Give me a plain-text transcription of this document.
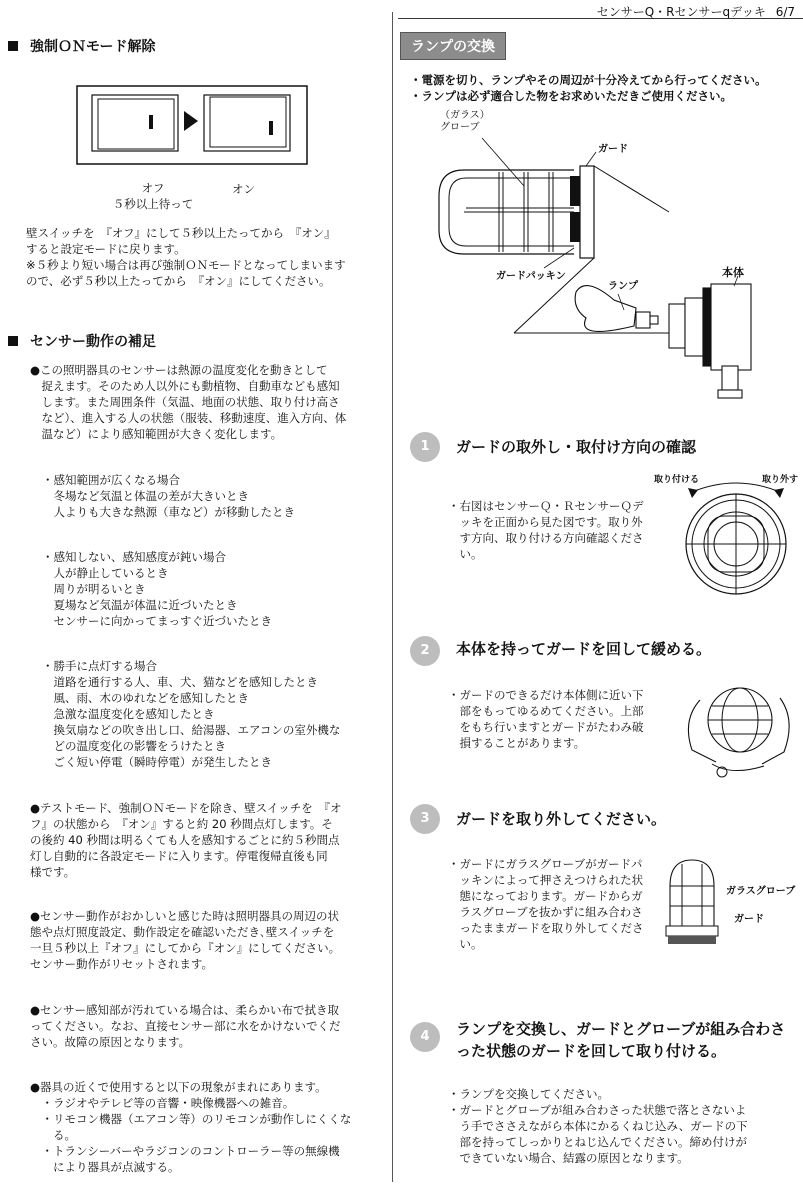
センサーQ・Rセンサーqデッキ 6/7
強制ＯＮモード解除
オフ
５秒以上待って
オン
壁スイッチを　『オフ』にして５秒以上たってから　『オン』
すると設定モードに戻ります。
※５秒より短い場合は再び強制ＯＮモードとなってしまいます
ので、必ず５秒以上たってから　『オン』にしてください。
センサー動作の補足
●この照明器具のセンサーは熱源の温度変化を動きとして
　捉えます。そのため人以外にも動植物、自動車なども感知
　します。また周囲条件（気温、地面の状態、取り付け高さ
　など）、進入する人の状態（服装、移動速度、進入方向、体
　温など）により感知範囲が大きく変化します。
・感知範囲が広くなる場合
　冬場など気温と体温の差が大きいとき
　人よりも大きな熱源（車など）が移動したとき
・感知しない、感知感度が鈍い場合
　人が静止しているとき
　周りが明るいとき
　夏場など気温が体温に近づいたとき
　センサーに向かってまっすぐ近づいたとき
・勝手に点灯する場合
　道路を通行する人、車、犬、猫などを感知したとき
　風、雨、木のゆれなどを感知したとき
　急激な温度変化を感知したとき
　換気扇などの吹き出し口、給湯器、エアコンの室外機な
　どの温度変化の影響をうけたとき
　ごく短い停電（瞬時停電）が発生したとき
●テストモード、強制ＯＮモードを除き、壁スイッチを　『オ
フ』の状態から　『オン』すると約 20 秒間点灯します。そ
の後約 40 秒間は明るくても人を感知するごとに約５秒間点
灯し自動的に各設定モードに入ります。停電復帰直後も同
様です。
●センサー動作がおかしいと感じた時は照明器具の周辺の状
態や点灯照度設定、動作設定を確認いただき､壁スイッチを
一旦５秒以上『オフ』にしてから『オン』にしてください。
センサー動作がリセットされます。
●センサー感知部が汚れている場合は、柔らかい布で拭き取
ってください。なお、直接センサー部に水をかけないでくだ
さい。故障の原因となります。
●器具の近くで使用すると以下の現象がまれにあります。
　・ラジオやテレビ等の音響・映像機器への雑音。
　・リモコン機器（エアコン等）のリモコンが動作しにくくな
　　る。
　・トランシーバーやラジコンのコントローラー等の無線機
　　により器具が点滅する。
ランプの交換
・電源を切り、ランプやその周辺が十分冷えてから行ってください。
・ランプは必ず適合した物をお求めいただきご使用ください。
（ガラス）
グローブ
ガード
ガードパッキン
ランプ
本体
1	ガードの取外し・取付け方向の確認
・右図はセンサーＱ・ＲセンサーＱデ
　ッキを正面から見た図です。取り外
　す方向、取り付ける方向確認くださ
　い。
取り付ける	取り外す
2	本体を持ってガードを回して緩める。
・ガードのできるだけ本体側に近い下
　部をもってゆるめてください。上部
　をもち行いますとガードがたわみ破
　損することがあります。
3	ガードを取り外してください。
・ガードにガラスグローブがガードパ
　ッキンによって押さえつけられた状
　態になっております。ガードからガ
　ラスグローブを抜かずに組み合わさ
　ったままガードを取り外してくださ
　い。
ガラスグローブ
ガード
4	ランプを交換し、ガードとグローブが組み合わさ
った状態のガードを回して取り付ける。
・ランプを交換してください。
・ガードとグローブが組み合わさった状態で落とさないよ
　う手でささえながら本体にかるくねじ込み、ガードの下
　部を持ってしっかりとねじ込んでください。締め付けが
　できていない場合、結露の原因となります。
